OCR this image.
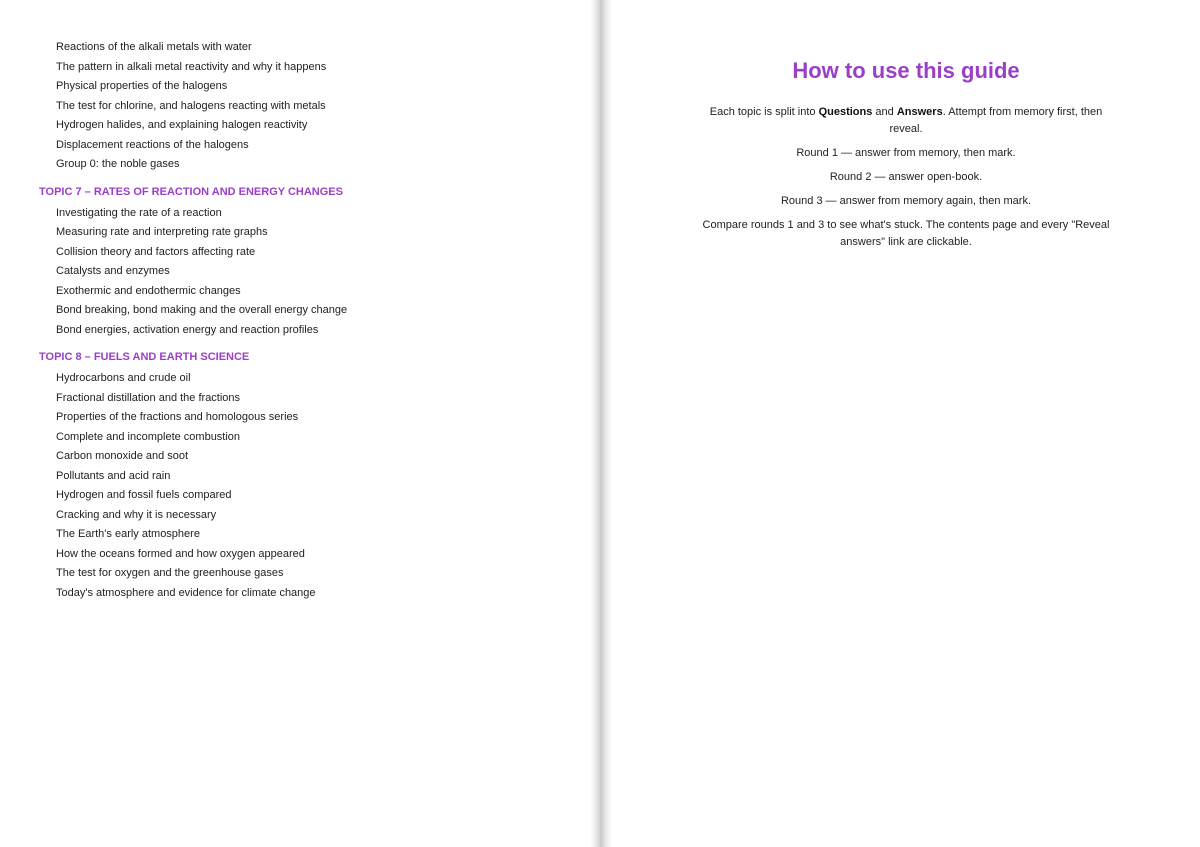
Reactions of the alkali metals with water
The pattern in alkali metal reactivity and why it happens
Physical properties of the halogens
The test for chlorine, and halogens reacting with metals
Hydrogen halides, and explaining halogen reactivity
Displacement reactions of the halogens
Group 0: the noble gases
TOPIC 7 – RATES OF REACTION AND ENERGY CHANGES
Investigating the rate of a reaction
Measuring rate and interpreting rate graphs
Collision theory and factors affecting rate
Catalysts and enzymes
Exothermic and endothermic changes
Bond breaking, bond making and the overall energy change
Bond energies, activation energy and reaction profiles
TOPIC 8 – FUELS AND EARTH SCIENCE
Hydrocarbons and crude oil
Fractional distillation and the fractions
Properties of the fractions and homologous series
Complete and incomplete combustion
Carbon monoxide and soot
Pollutants and acid rain
Hydrogen and fossil fuels compared
Cracking and why it is necessary
The Earth's early atmosphere
How the oceans formed and how oxygen appeared
The test for oxygen and the greenhouse gases
Today's atmosphere and evidence for climate change
How to use this guide

Each topic is split into Questions and Answers. Attempt from memory first, then reveal.

Round 1 — answer from memory, then mark.

Round 2 — answer open-book.

Round 3 — answer from memory again, then mark.

Compare rounds 1 and 3 to see what's stuck. The contents page and every "Reveal answers" link are clickable.
